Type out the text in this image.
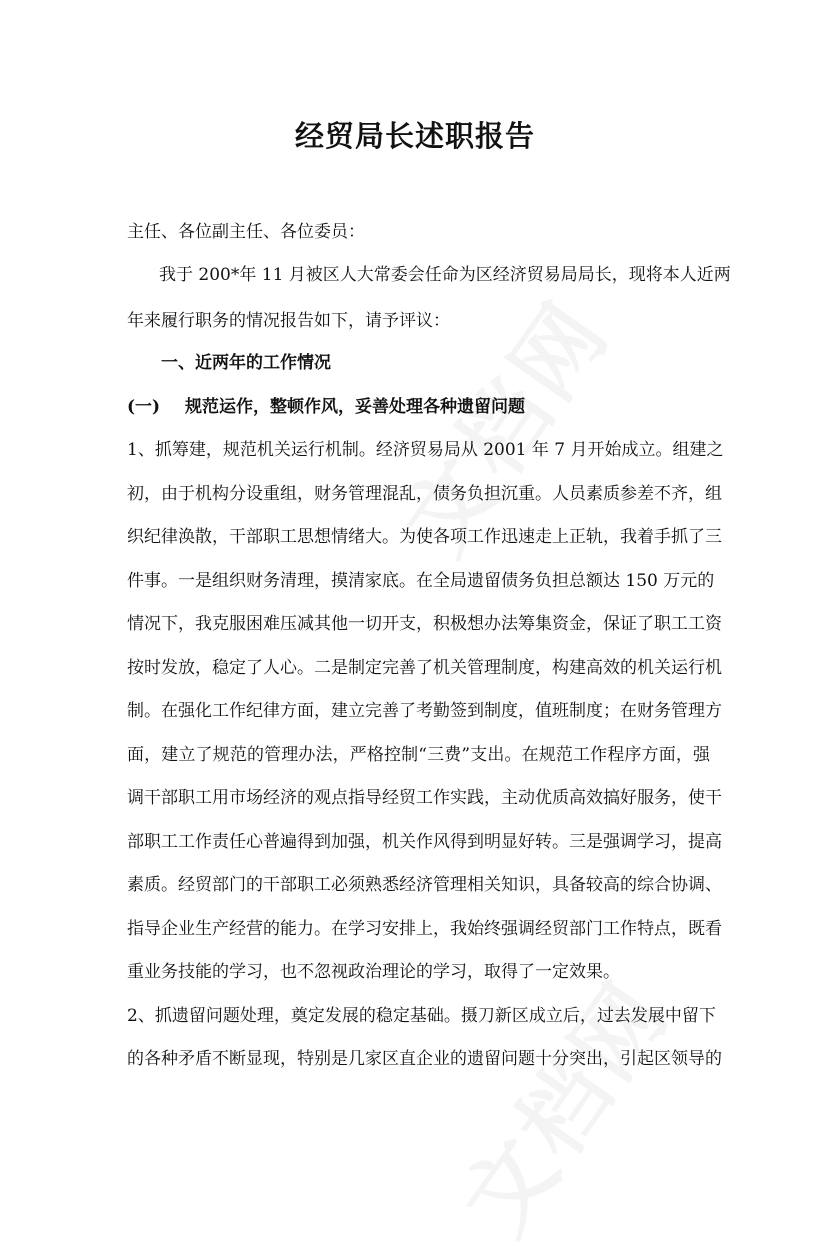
经贸局长述职报告

主任、各位副主任、各位委员：

我于 200*年 11 月被区人大常委会任命为区经济贸易局局长，现将本人近两

年来履行职务的情况报告如下，请予评议：

一、近两年的工作情况

(一) 规范运作，整顿作风，妥善处理各种遗留问题

1、抓筹建，规范机关运行机制。经济贸易局从 2001 年 7 月开始成立。组建之

初，由于机构分设重组，财务管理混乱，债务负担沉重。人员素质参差不齐，组

织纪律涣散，干部职工思想情绪大。为使各项工作迅速走上正轨，我着手抓了三

件事。一是组织财务清理，摸清家底。在全局遗留债务负担总额达 150 万元的

情况下，我克服困难压减其他一切开支，积极想办法筹集资金，保证了职工工资

按时发放，稳定了人心。二是制定完善了机关管理制度，构建高效的机关运行机

制。在强化工作纪律方面，建立完善了考勤签到制度，值班制度；在财务管理方

面，建立了规范的管理办法，严格控制“三费”支出。在规范工作程序方面，强

调干部职工用市场经济的观点指导经贸工作实践，主动优质高效搞好服务，使干

部职工工作责任心普遍得到加强，机关作风得到明显好转。三是强调学习，提高

素质。经贸部门的干部职工必须熟悉经济管理相关知识，具备较高的综合协调、

指导企业生产经营的能力。在学习安排上，我始终强调经贸部门工作特点，既看

重业务技能的学习，也不忽视政治理论的学习，取得了一定效果。

2、抓遗留问题处理，奠定发展的稳定基础。摄刀新区成立后，过去发展中留下

的各种矛盾不断显现，特别是几家区直企业的遗留问题十分突出，引起区领导的
